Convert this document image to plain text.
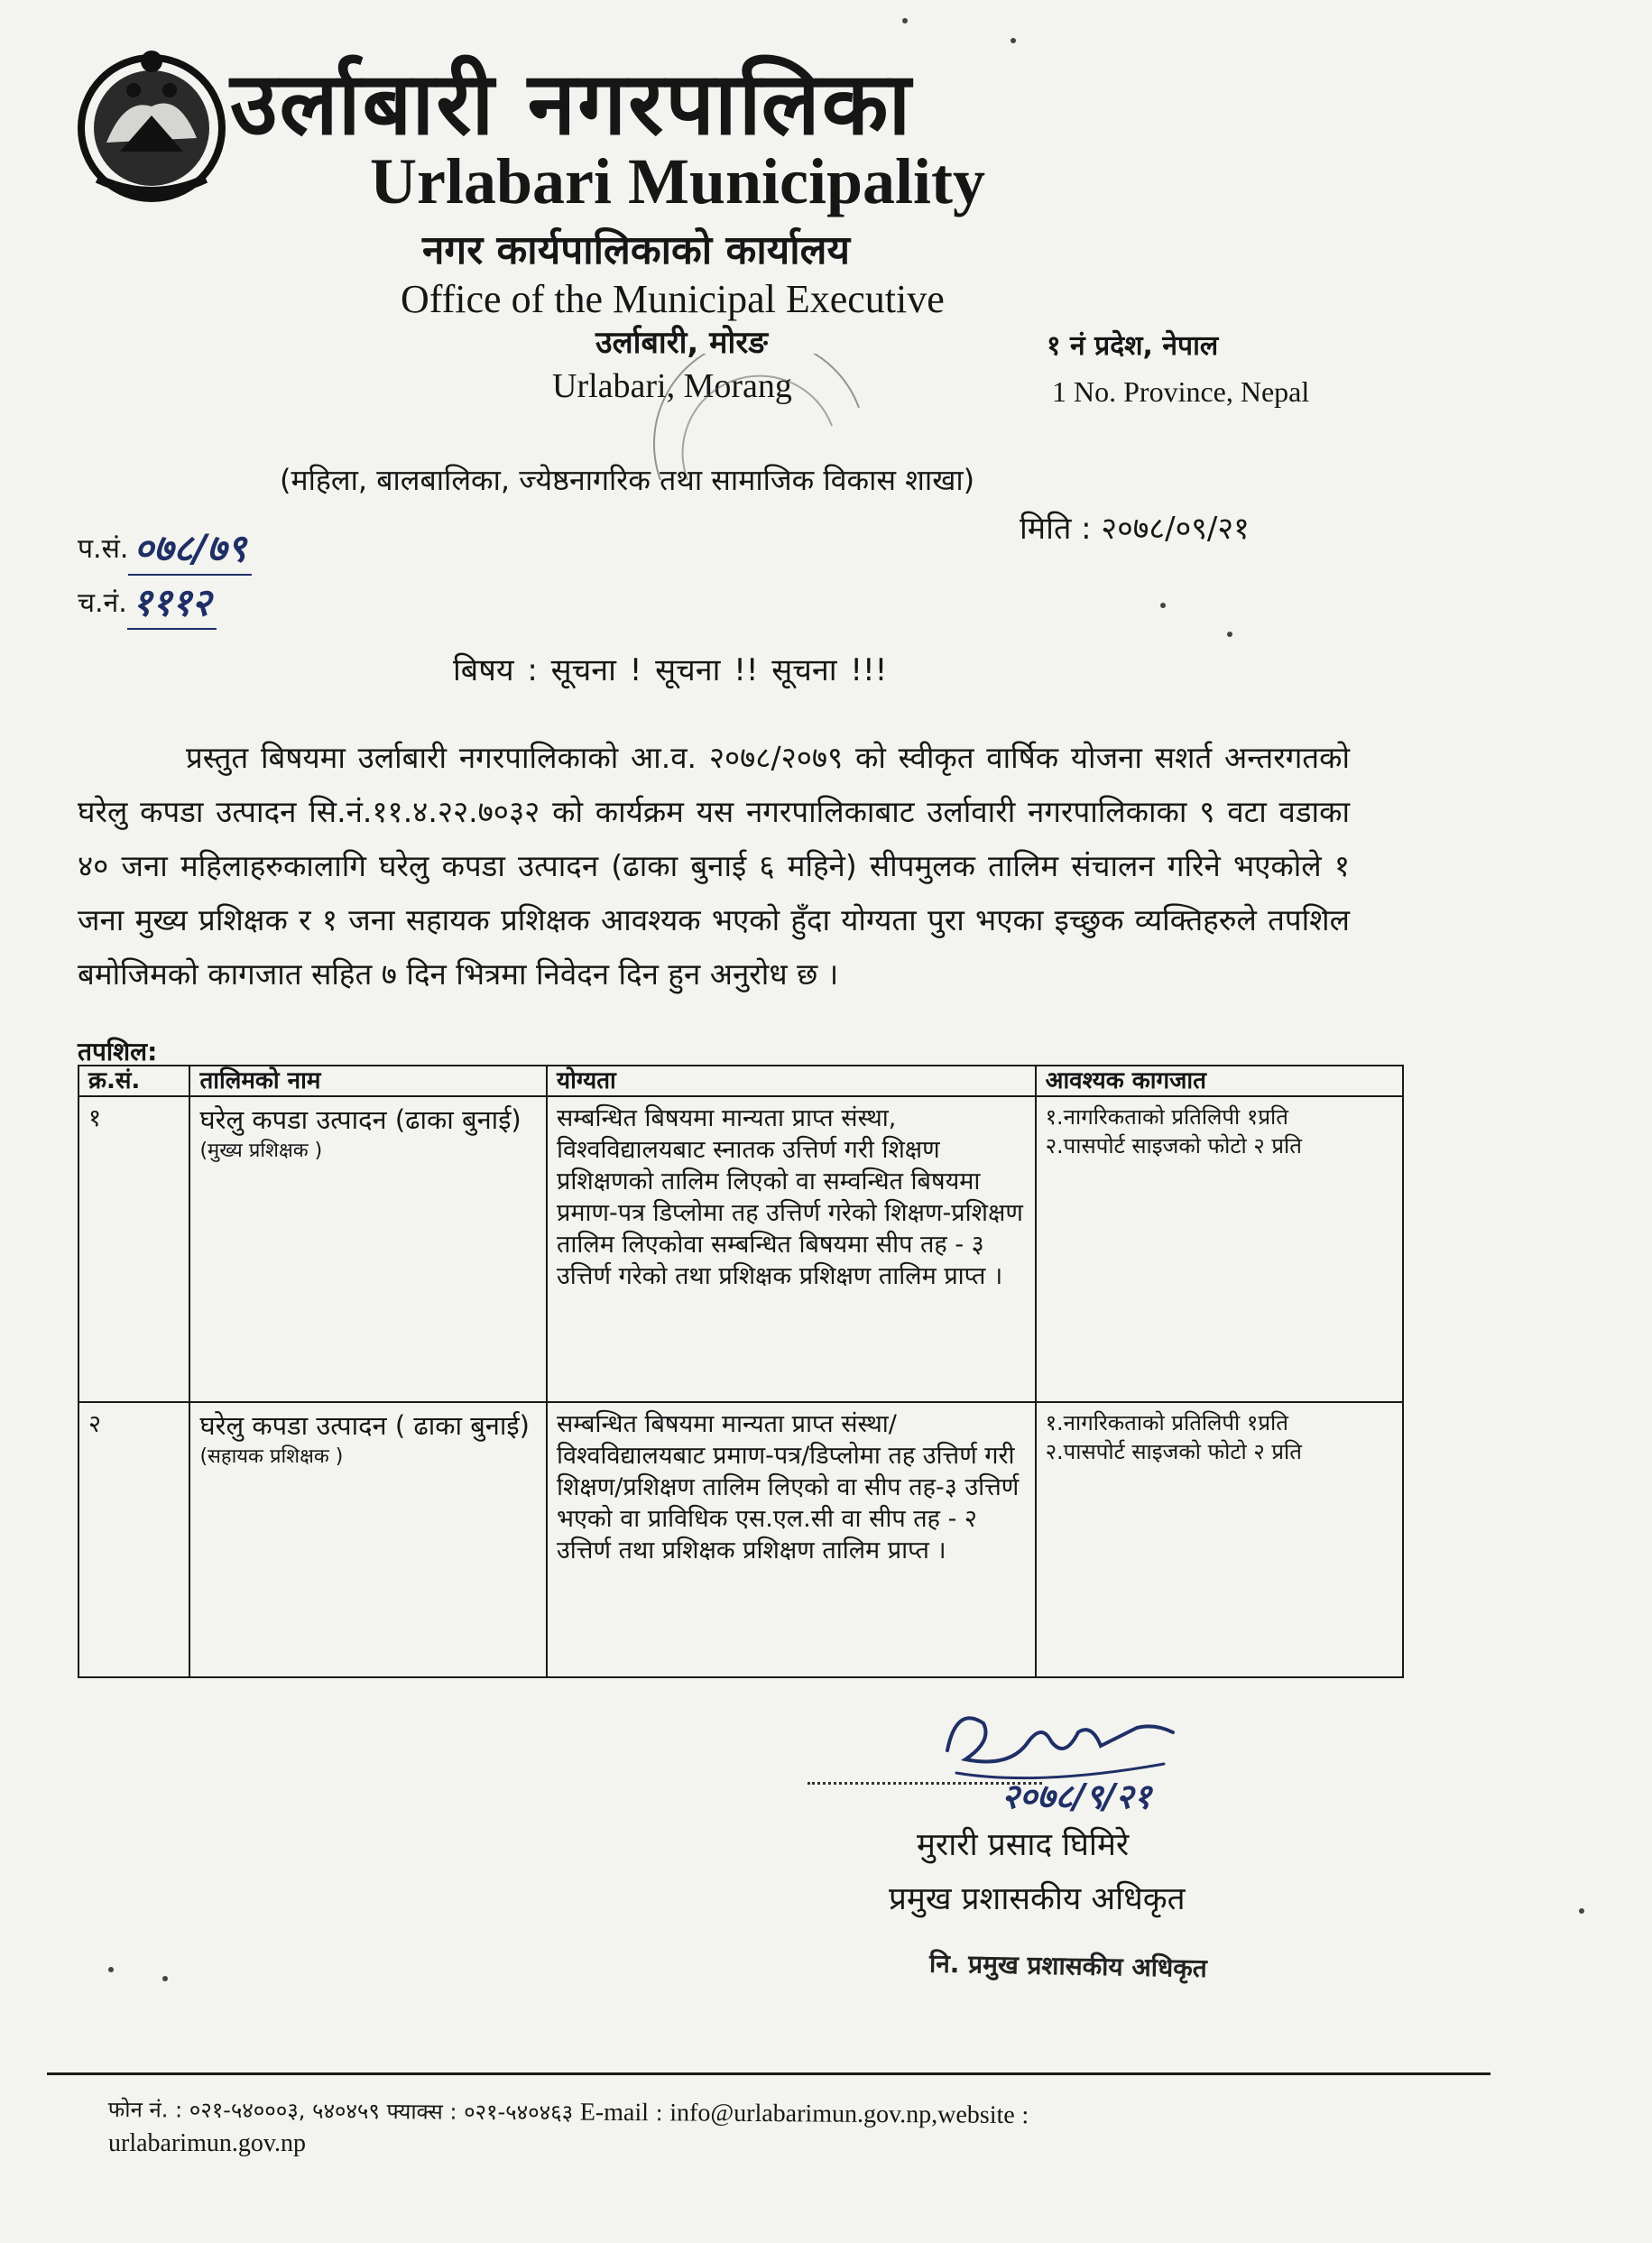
उर्लाबारी नगरपालिका
Urlabari Municipality
नगर कार्यपालिकाको कार्यालय
Office of the Municipal Executive
उर्लाबारी, मोरङ
Urlabari, Morang
१ नं प्रदेश, नेपाल
1 No. Province, Nepal
(महिला, बालबालिका, ज्येष्ठनागरिक तथा सामाजिक विकास शाखा)
मिति : २०७८/०९/२१
प.सं. ०७८/७९
च.नं. १११२
बिषय : सूचना ! सूचना !! सूचना !!!

प्रस्तुत बिषयमा उर्लाबारी नगरपालिकाको आ.व. २०७८/२०७९ को स्वीकृत वार्षिक योजना सशर्त अन्तरगतको घरेलु कपडा उत्पादन सि.नं.११.४.२२.७०३२ को कार्यक्रम यस नगरपालिकाबाट उर्लावारी नगरपालिकाका ९ वटा वडाका ४० जना महिलाहरुकालागि घरेलु कपडा उत्पादन (ढाका बुनाई ६ महिने) सीपमुलक तालिम संचालन गरिने भएकोले १ जना मुख्य प्रशिक्षक र १ जना सहायक प्रशिक्षक आवश्यक भएको हुँदा योग्यता पुरा भएका इच्छुक व्यक्तिहरुले तपशिल बमोजिमको कागजात सहित ७ दिन भित्रमा निवेदन दिन हुन अनुरोध छ ।

तपशिल:
क्र.सं.	तालिमको नाम	योग्यता	आवश्यक कागजात
१	घरेलु कपडा उत्पादन (ढाका बुनाई)
(मुख्य प्रशिक्षक )	सम्बन्धित बिषयमा मान्यता प्राप्त संस्था, विश्वविद्यालयबाट स्नातक उत्तिर्ण गरी शिक्षण प्रशिक्षणको तालिम लिएको वा सम्वन्धित बिषयमा प्रमाण-पत्र डिप्लोमा तह उत्तिर्ण गरेको शिक्षण-प्रशिक्षण तालिम लिएकोवा सम्बन्धित बिषयमा सीप तह - ३ उत्तिर्ण गरेको तथा प्रशिक्षक प्रशिक्षण तालिम प्राप्त ।	१.नागरिकताको प्रतिलिपी १प्रति
२.पासपोर्ट साइजको फोटो २ प्रति

२	घरेलु कपडा उत्पादन ( ढाका बुनाई)
(सहायक प्रशिक्षक )	सम्बन्धित बिषयमा मान्यता प्राप्त संस्था/विश्वविद्यालयबाट प्रमाण-पत्र/डिप्लोमा तह उत्तिर्ण गरी शिक्षण/प्रशिक्षण तालिम लिएको वा सीप तह-३ उत्तिर्ण भएको वा प्राविधिक एस.एल.सी वा सीप तह - २ उत्तिर्ण तथा प्रशिक्षक प्रशिक्षण तालिम प्राप्त ।	१.नागरिकताको प्रतिलिपी १प्रति
२.पासपोर्ट साइजको फोटो २ प्रति
२०७८/९/२१
मुरारी प्रसाद घिमिरे
प्रमुख प्रशासकीय अधिकृत
नि. प्रमुख प्रशासकीय अधिकृत
फोन नं. : ०२१-५४०००३, ५४०४५९ फ्याक्स : ०२१-५४०४६३ E-mail : info@urlabarimun.gov.np,website :
urlabarimun.gov.np
